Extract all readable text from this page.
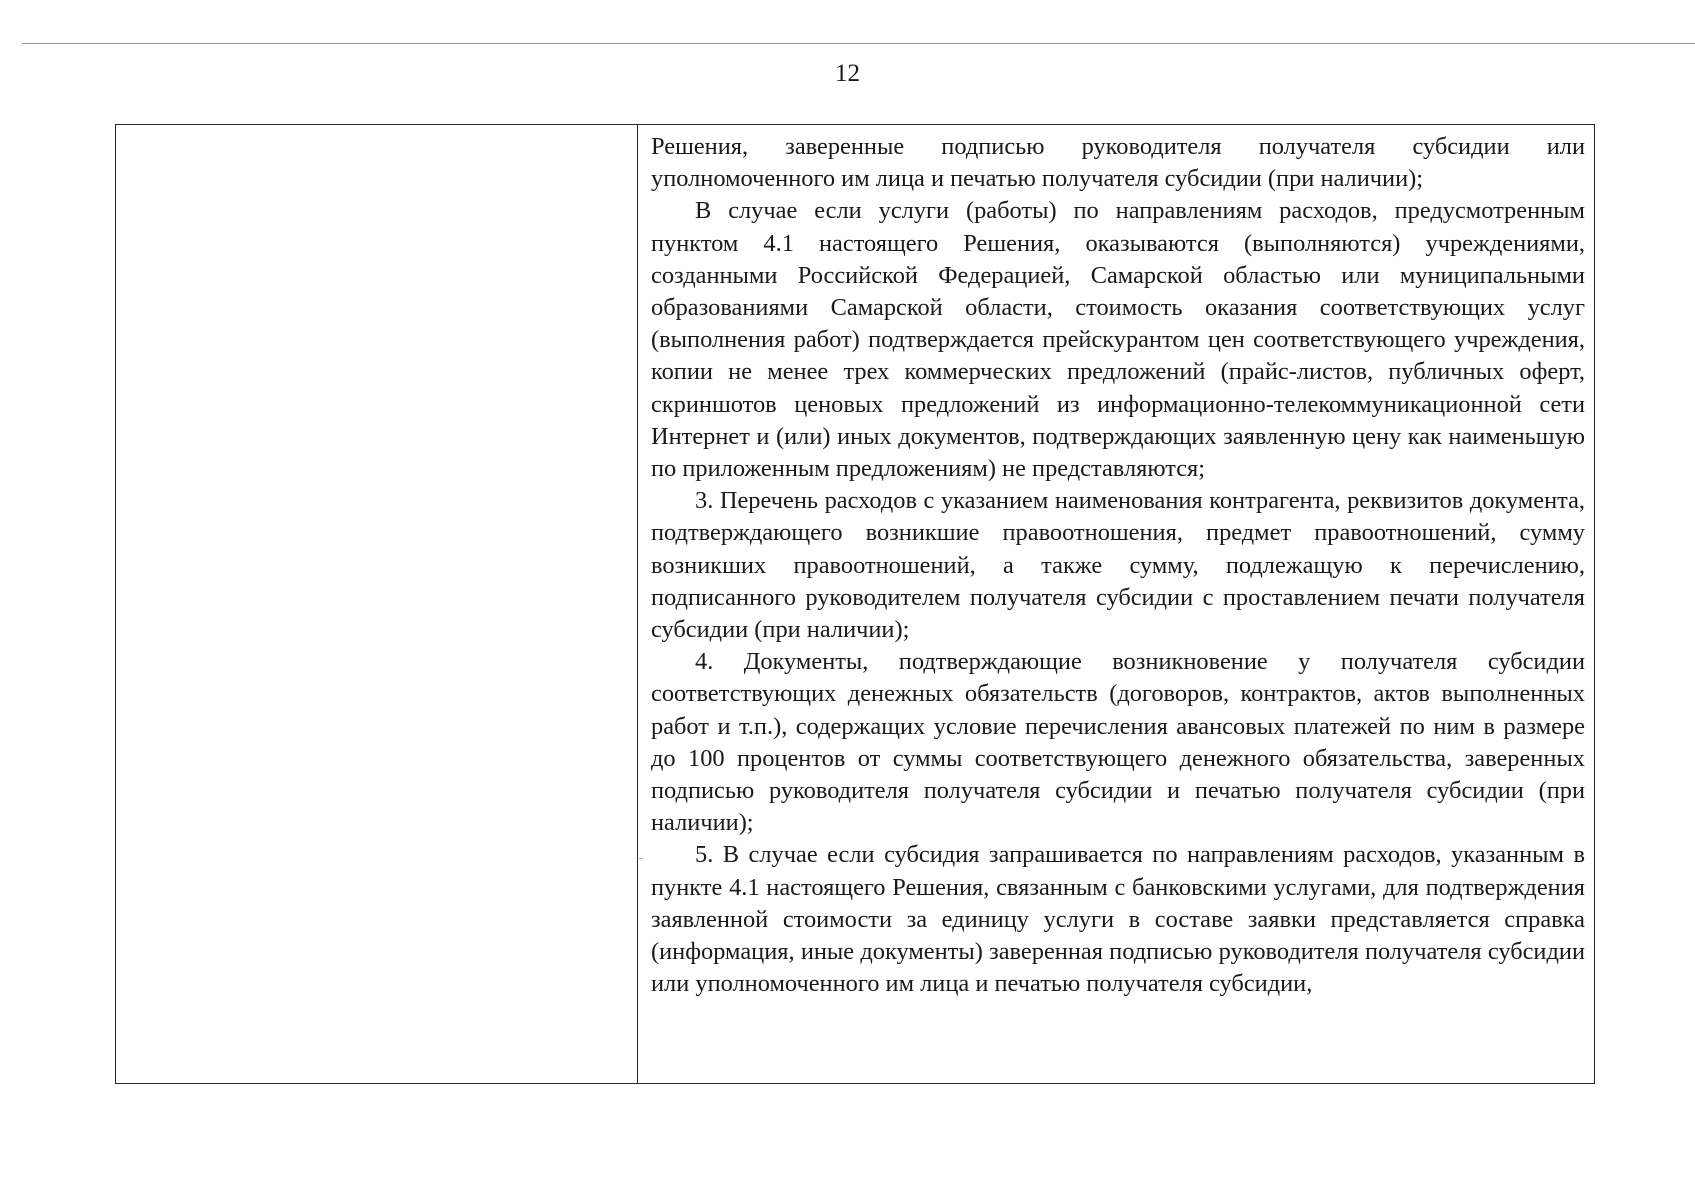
12

Решения, заверенные подписью руководителя получателя субсидии или уполномоченного им лица и печатью получателя субсидии (при наличии);

В случае если услуги (работы) по направлениям расходов, предусмотренным пунктом 4.1 настоящего Решения, оказываются (выполняются) учреждениями, созданными Российской Федерацией, Самарской областью или муниципальными образованиями Самарской области, стоимость оказания соответствующих услуг (выполнения работ) подтверждается прейскурантом цен соответствующего учреждения, копии не менее трех коммерческих предложений (прайс-листов, публичных оферт, скриншотов ценовых предложений из информационно-телекоммуникационной сети Интернет и (или) иных документов, подтверждающих заявленную цену как наименьшую по приложенным предложениям) не представляются;

3. Перечень расходов с указанием наименования контрагента, реквизитов документа, подтверждающего возникшие правоотношения, предмет правоотношений, сумму возникших правоотношений, а также сумму, подлежащую к перечислению, подписанного руководителем получателя субсидии с проставлением печати получателя субсидии (при наличии);

4. Документы, подтверждающие возникновение у получателя субсидии соответствующих денежных обязательств (договоров, контрактов, актов выполненных работ и т.п.), содержащих условие перечисления авансовых платежей по ним в размере до 100 процентов от суммы соответствующего денежного обязательства, заверенных подписью руководителя получателя субсидии и печатью получателя субсидии (при наличии);

5. В случае если субсидия запрашивается по направлениям расходов, указанным в пункте 4.1 настоящего Решения, связанным с банковскими услугами, для подтверждения заявленной стоимости за единицу услуги в составе заявки представляется справка (информация, иные документы) заверенная подписью руководителя получателя субсидии или уполномоченного им лица и печатью получателя субсидии,
